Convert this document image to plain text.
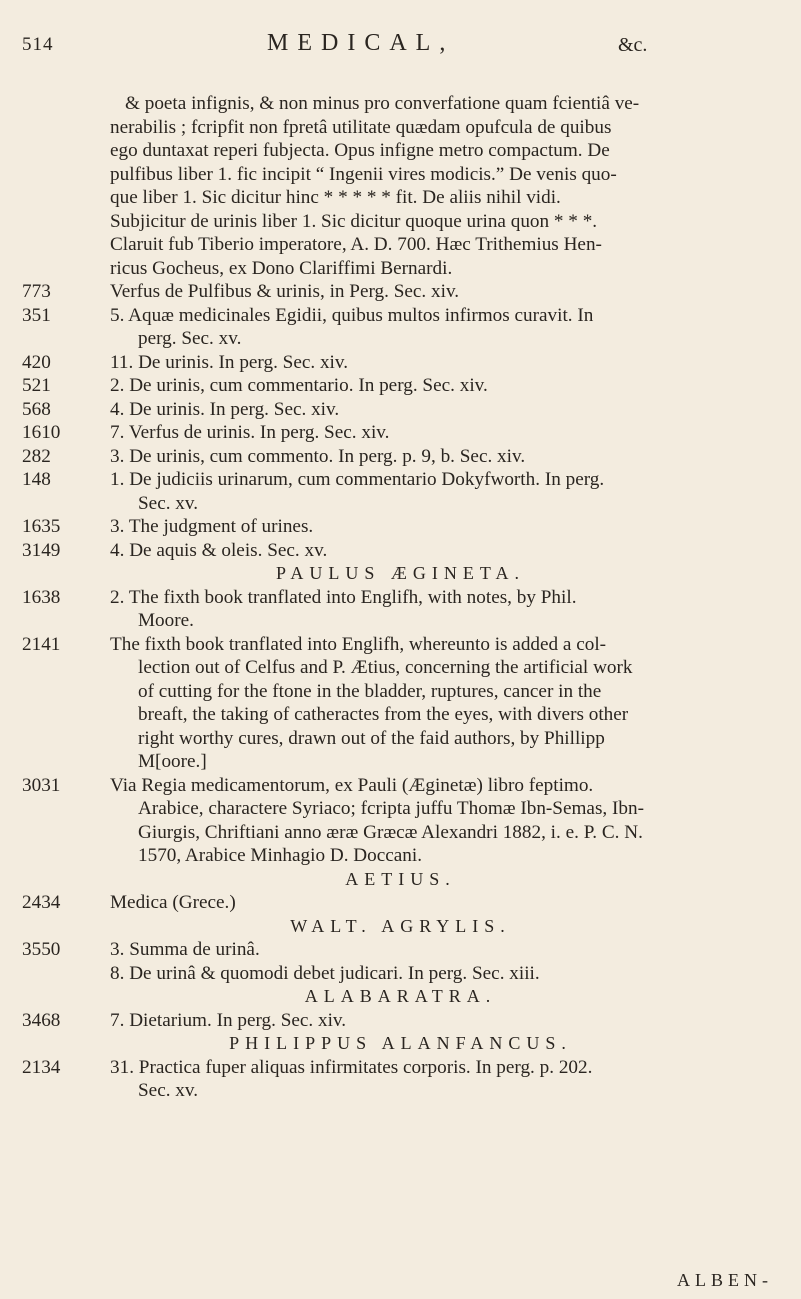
514	MEDICAL,	&c.
& poeta infignis, & non minus pro converfatione quam fcientiâ ve-
nerabilis ; fcripfit non fpretâ utilitate quædam opufcula de quibus
ego duntaxat reperi fubjecta. Opus infigne metro compactum. De
pulfibus liber 1. fic incipit “ Ingenii vires modicis.” De venis quo-
que liber 1. Sic dicitur hinc * * * * * fit. De aliis nihil vidi.
Subjicitur de urinis liber 1. Sic dicitur quoque urina quon * * *.
Claruit fub Tiberio imperatore, A. D. 700. Hæc Trithemius Hen-
ricus Gocheus, ex Dono Clariffimi Bernardi.
773	Verfus de Pulfibus & urinis, in Perg. Sec. xiv.
351	5. Aquæ medicinales Egidii, quibus multos infirmos curavit. In
perg. Sec. xv.
420	11. De urinis. In perg. Sec. xiv.
521	2. De urinis, cum commentario. In perg. Sec. xiv.
568	4. De urinis. In perg. Sec. xiv.
1610	7. Verfus de urinis. In perg. Sec. xiv.
282	3. De urinis, cum commento. In perg. p. 9, b. Sec. xiv.
148	1. De judiciis urinarum, cum commentario Dokyfworth. In perg.
Sec. xv.
1635	3. The judgment of urines.
3149	4. De aquis & oleis. Sec. xv.
PAULUS ÆGINETA.
1638	2. The fixth book tranflated into Englifh, with notes, by Phil.
Moore.
2141	The fixth book tranflated into Englifh, whereunto is added a col-
lection out of Celfus and P. Ætius, concerning the artificial work
of cutting for the ftone in the bladder, ruptures, cancer in the
breaft, the taking of catheractes from the eyes, with divers other
right worthy cures, drawn out of the faid authors, by Phillipp
M[oore.]
3031	Via Regia medicamentorum, ex Pauli (Æginetæ) libro feptimo.
Arabice, charactere Syriaco; fcripta juffu Thomæ Ibn-Semas, Ibn-
Giurgis, Chriftiani anno æræ Græcæ Alexandri 1882, i. e. P. C. N.
1570, Arabice Minhagio D. Doccani.
AETIUS.
2434	Medica (Grece.)
WALT. AGRYLIS.
3550	3. Summa de urinâ.
8. De urinâ & quomodi debet judicari. In perg. Sec. xiii.
ALABARATRA.
3468	7. Dietarium. In perg. Sec. xiv.
PHILIPPUS ALANFANCUS.
2134	31. Practica fuper aliquas infirmitates corporis. In perg. p. 202.
Sec. xv.
ALBEN-
